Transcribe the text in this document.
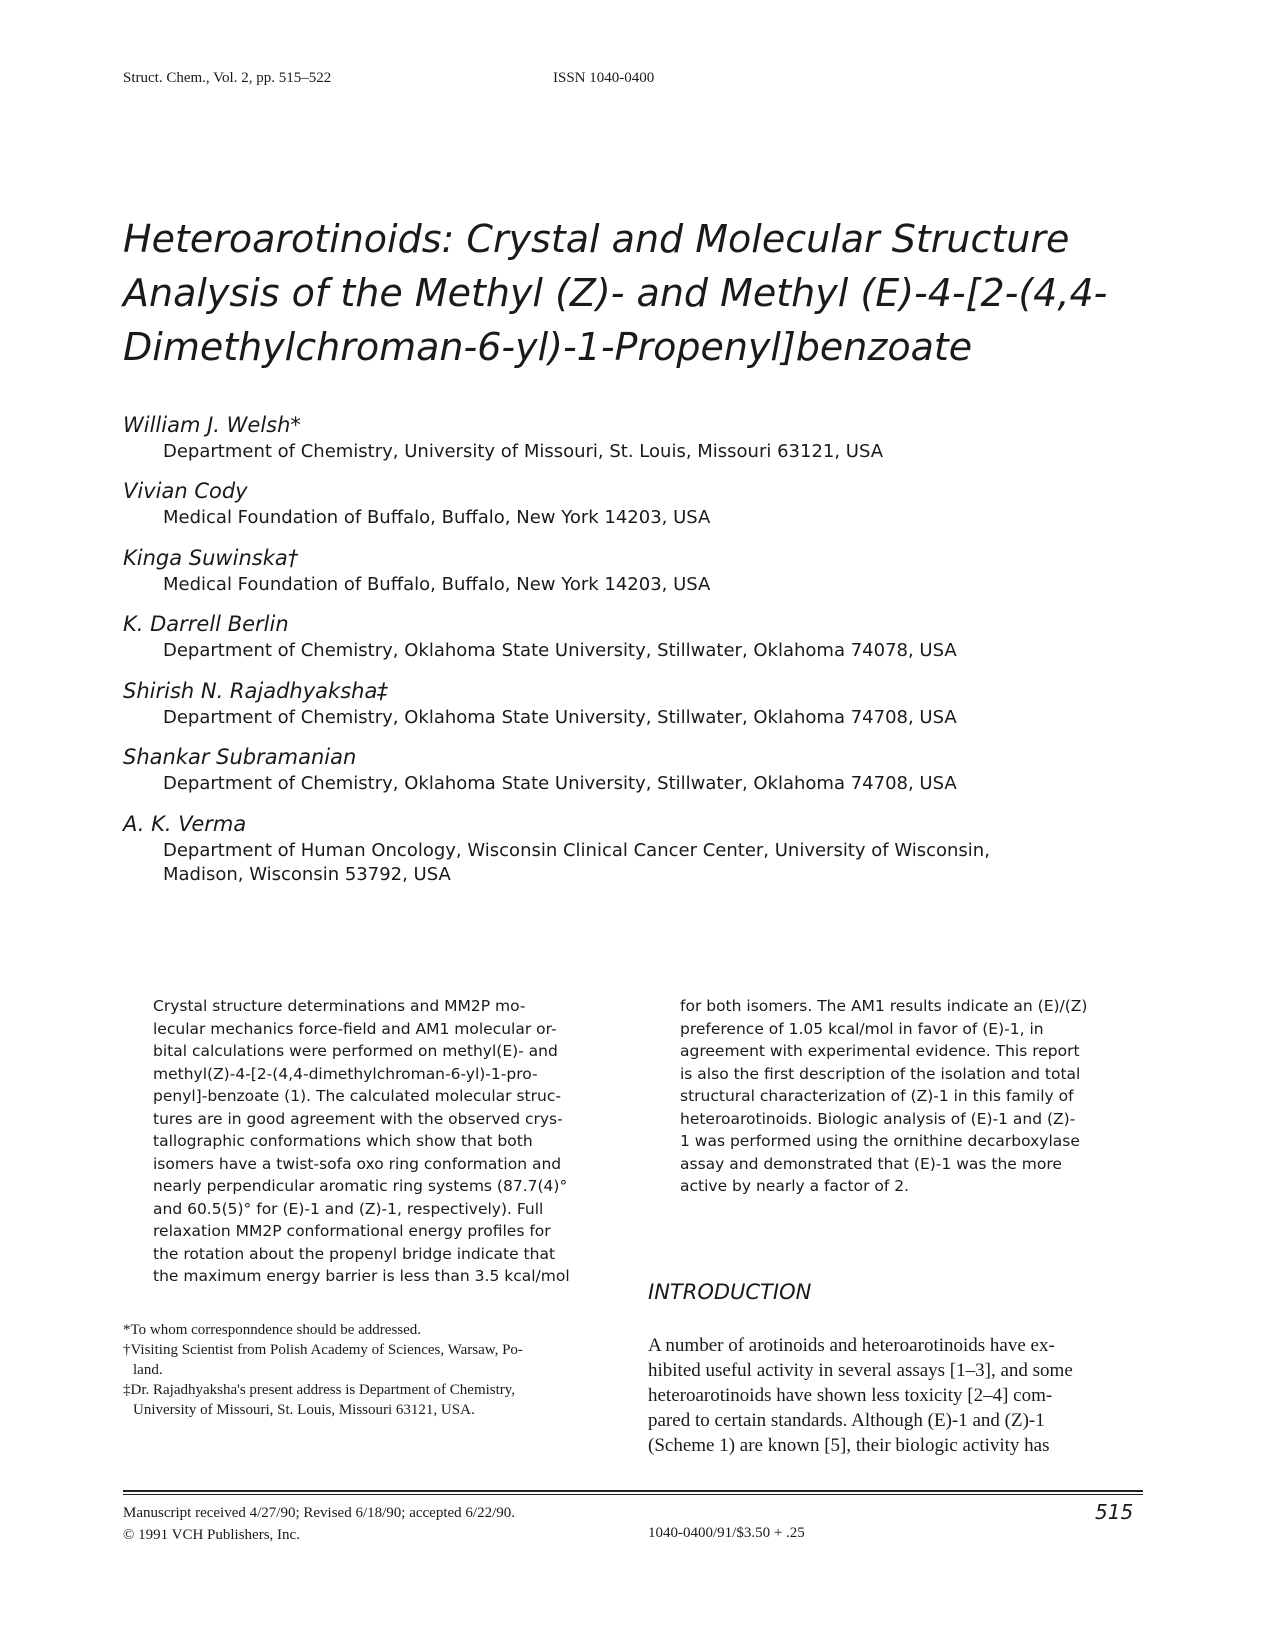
Struct. Chem., Vol. 2, pp. 515–522	ISSN 1040-0400
Heteroarotinoids: Crystal and Molecular Structure
Analysis of the Methyl (Z)- and Methyl (E)-4-[2-(4,4-
Dimethylchroman-6-yl)-1-Propenyl]benzoate
William J. Welsh*
Department of Chemistry, University of Missouri, St. Louis, Missouri 63121, USA
Vivian Cody
Medical Foundation of Buffalo, Buffalo, New York 14203, USA
Kinga Suwinska†
Medical Foundation of Buffalo, Buffalo, New York 14203, USA
K. Darrell Berlin
Department of Chemistry, Oklahoma State University, Stillwater, Oklahoma 74078, USA
Shirish N. Rajadhyaksha‡
Department of Chemistry, Oklahoma State University, Stillwater, Oklahoma 74708, USA
Shankar Subramanian
Department of Chemistry, Oklahoma State University, Stillwater, Oklahoma 74708, USA
A. K. Verma
Department of Human Oncology, Wisconsin Clinical Cancer Center, University of Wisconsin,
Madison, Wisconsin 53792, USA
Crystal structure determinations and MM2P mo-
lecular mechanics force-field and AM1 molecular or-
bital calculations were performed on methyl(E)- and
methyl(Z)-4-[2-(4,4-dimethylchroman-6-yl)-1-pro-
penyl]-benzoate (1). The calculated molecular struc-
tures are in good agreement with the observed crys-
tallographic conformations which show that both
isomers have a twist-sofa oxo ring conformation and
nearly perpendicular aromatic ring systems (87.7(4)°
and 60.5(5)° for (E)-1 and (Z)-1, respectively). Full
relaxation MM2P conformational energy profiles for
the rotation about the propenyl bridge indicate that
the maximum energy barrier is less than 3.5 kcal/mol
for both isomers. The AM1 results indicate an (E)/(Z)
preference of 1.05 kcal/mol in favor of (E)-1, in
agreement with experimental evidence. This report
is also the first description of the isolation and total
structural characterization of (Z)-1 in this family of
heteroarotinoids. Biologic analysis of (E)-1 and (Z)-
1 was performed using the ornithine decarboxylase
assay and demonstrated that (E)-1 was the more
active by nearly a factor of 2.
*To whom corresponndence should be addressed.
†Visiting Scientist from Polish Academy of Sciences, Warsaw, Po-
land.
‡Dr. Rajadhyaksha's present address is Department of Chemistry,
University of Missouri, St. Louis, Missouri 63121, USA.
INTRODUCTION
A number of arotinoids and heteroarotinoids have ex-
hibited useful activity in several assays [1–3], and some
heteroarotinoids have shown less toxicity [2–4] com-
pared to certain standards. Although (E)-1 and (Z)-1
(Scheme 1) are known [5], their biologic activity has
Manuscript received 4/27/90; Revised 6/18/90; accepted 6/22/90.
© 1991 VCH Publishers, Inc.	1040-0400/91/$3.50 + .25
515
